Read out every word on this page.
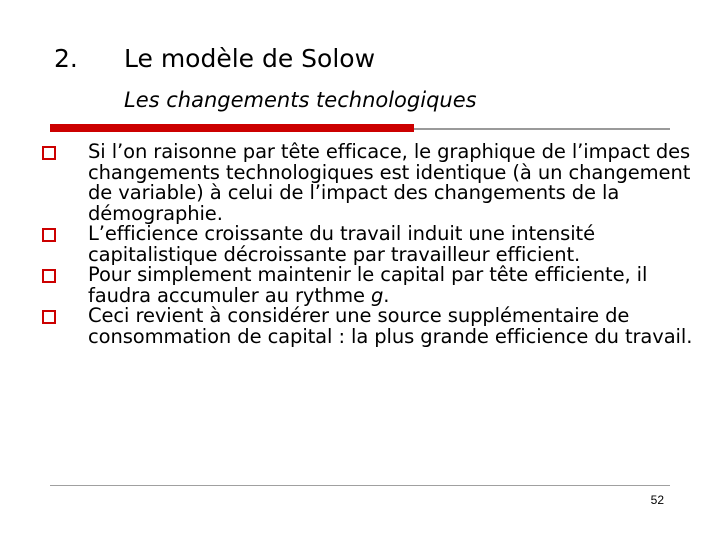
2. Le modèle de Solow
Les changements technologiques
Si l’on raisonne par tête efficace, le graphique de l’impact des changements technologiques est identique (à un changement de variable) à celui de l’impact des changements de la démographie.
L’efficience croissante du travail induit une intensité capitalistique décroissante par travailleur efficient.
Pour simplement maintenir le capital par tête efficiente, il faudra accumuler au rythme g.
Ceci revient à considérer une source supplémentaire de consommation de capital : la plus grande efficience du travail.
52
